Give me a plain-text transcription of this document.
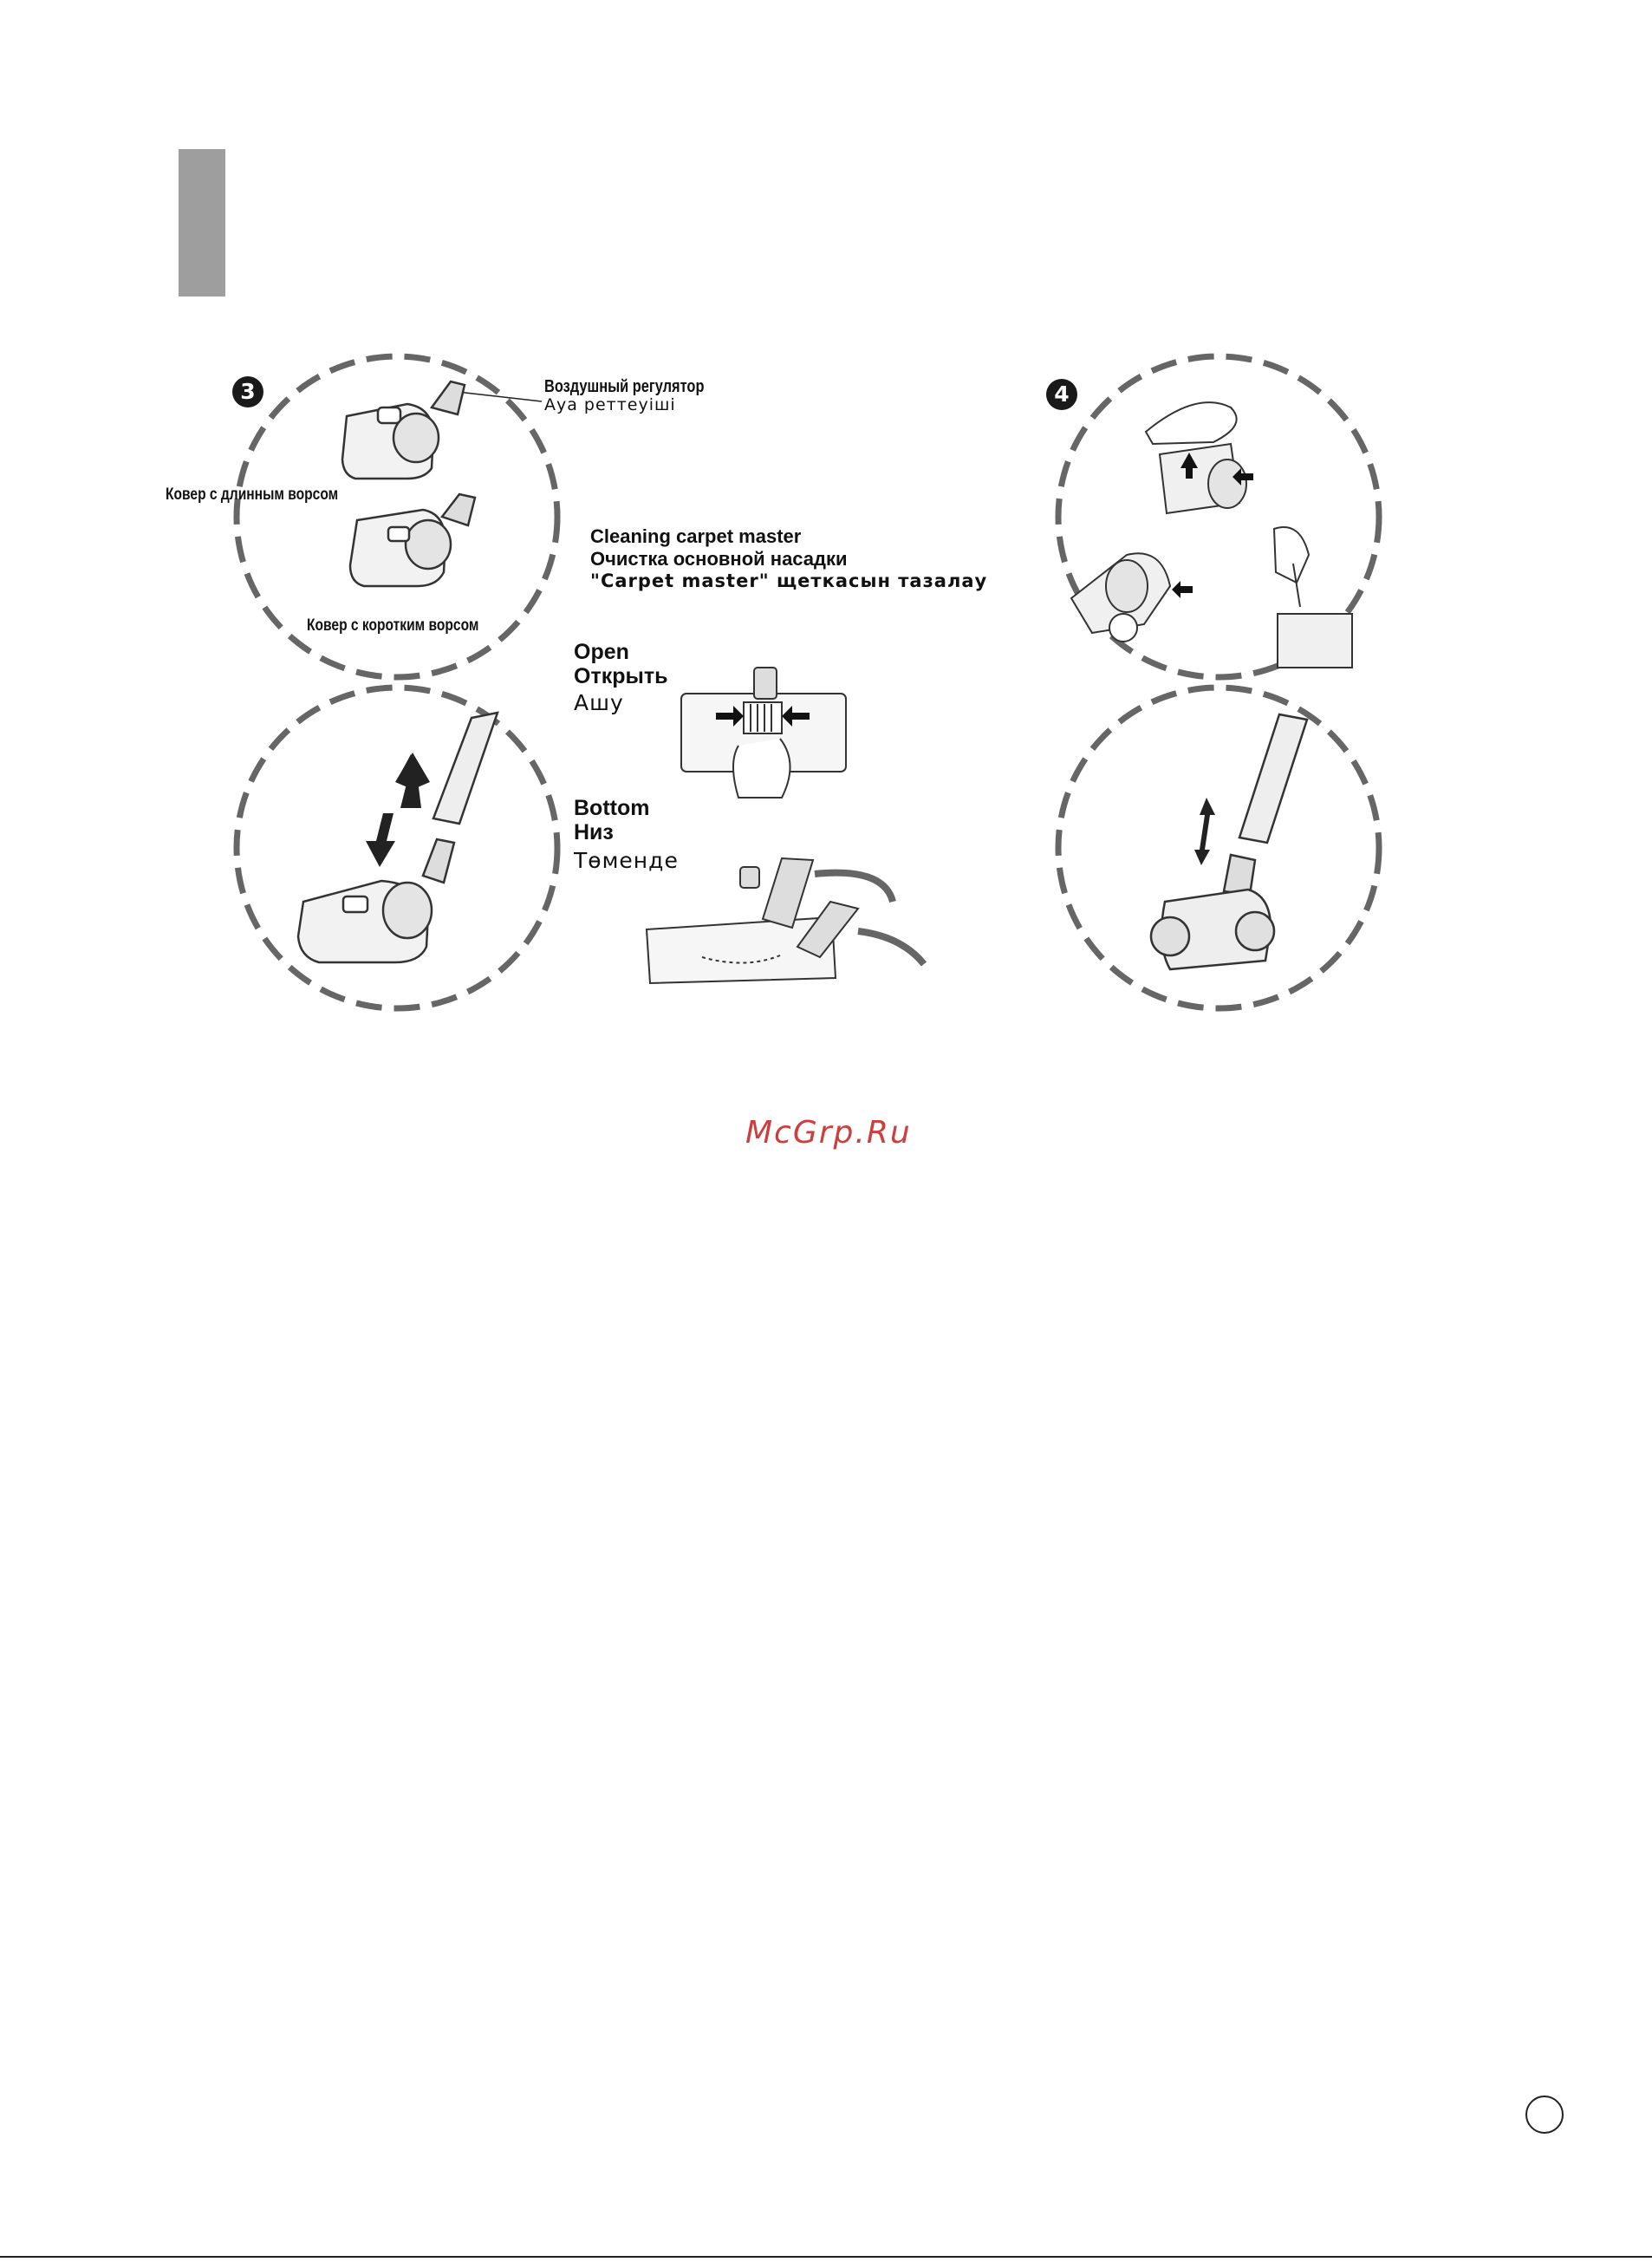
3	4
Воздушный регулятор
Ауа реттеуіші
Ковер с длинным ворсом
Ковер с коротким ворсом
Cleaning carpet master
Очистка основной насадки
"Carpet master" щеткасын тазалау
Open
Открыть
Ашу
Bottom
Низ
Төменде
McGrp.Ru
